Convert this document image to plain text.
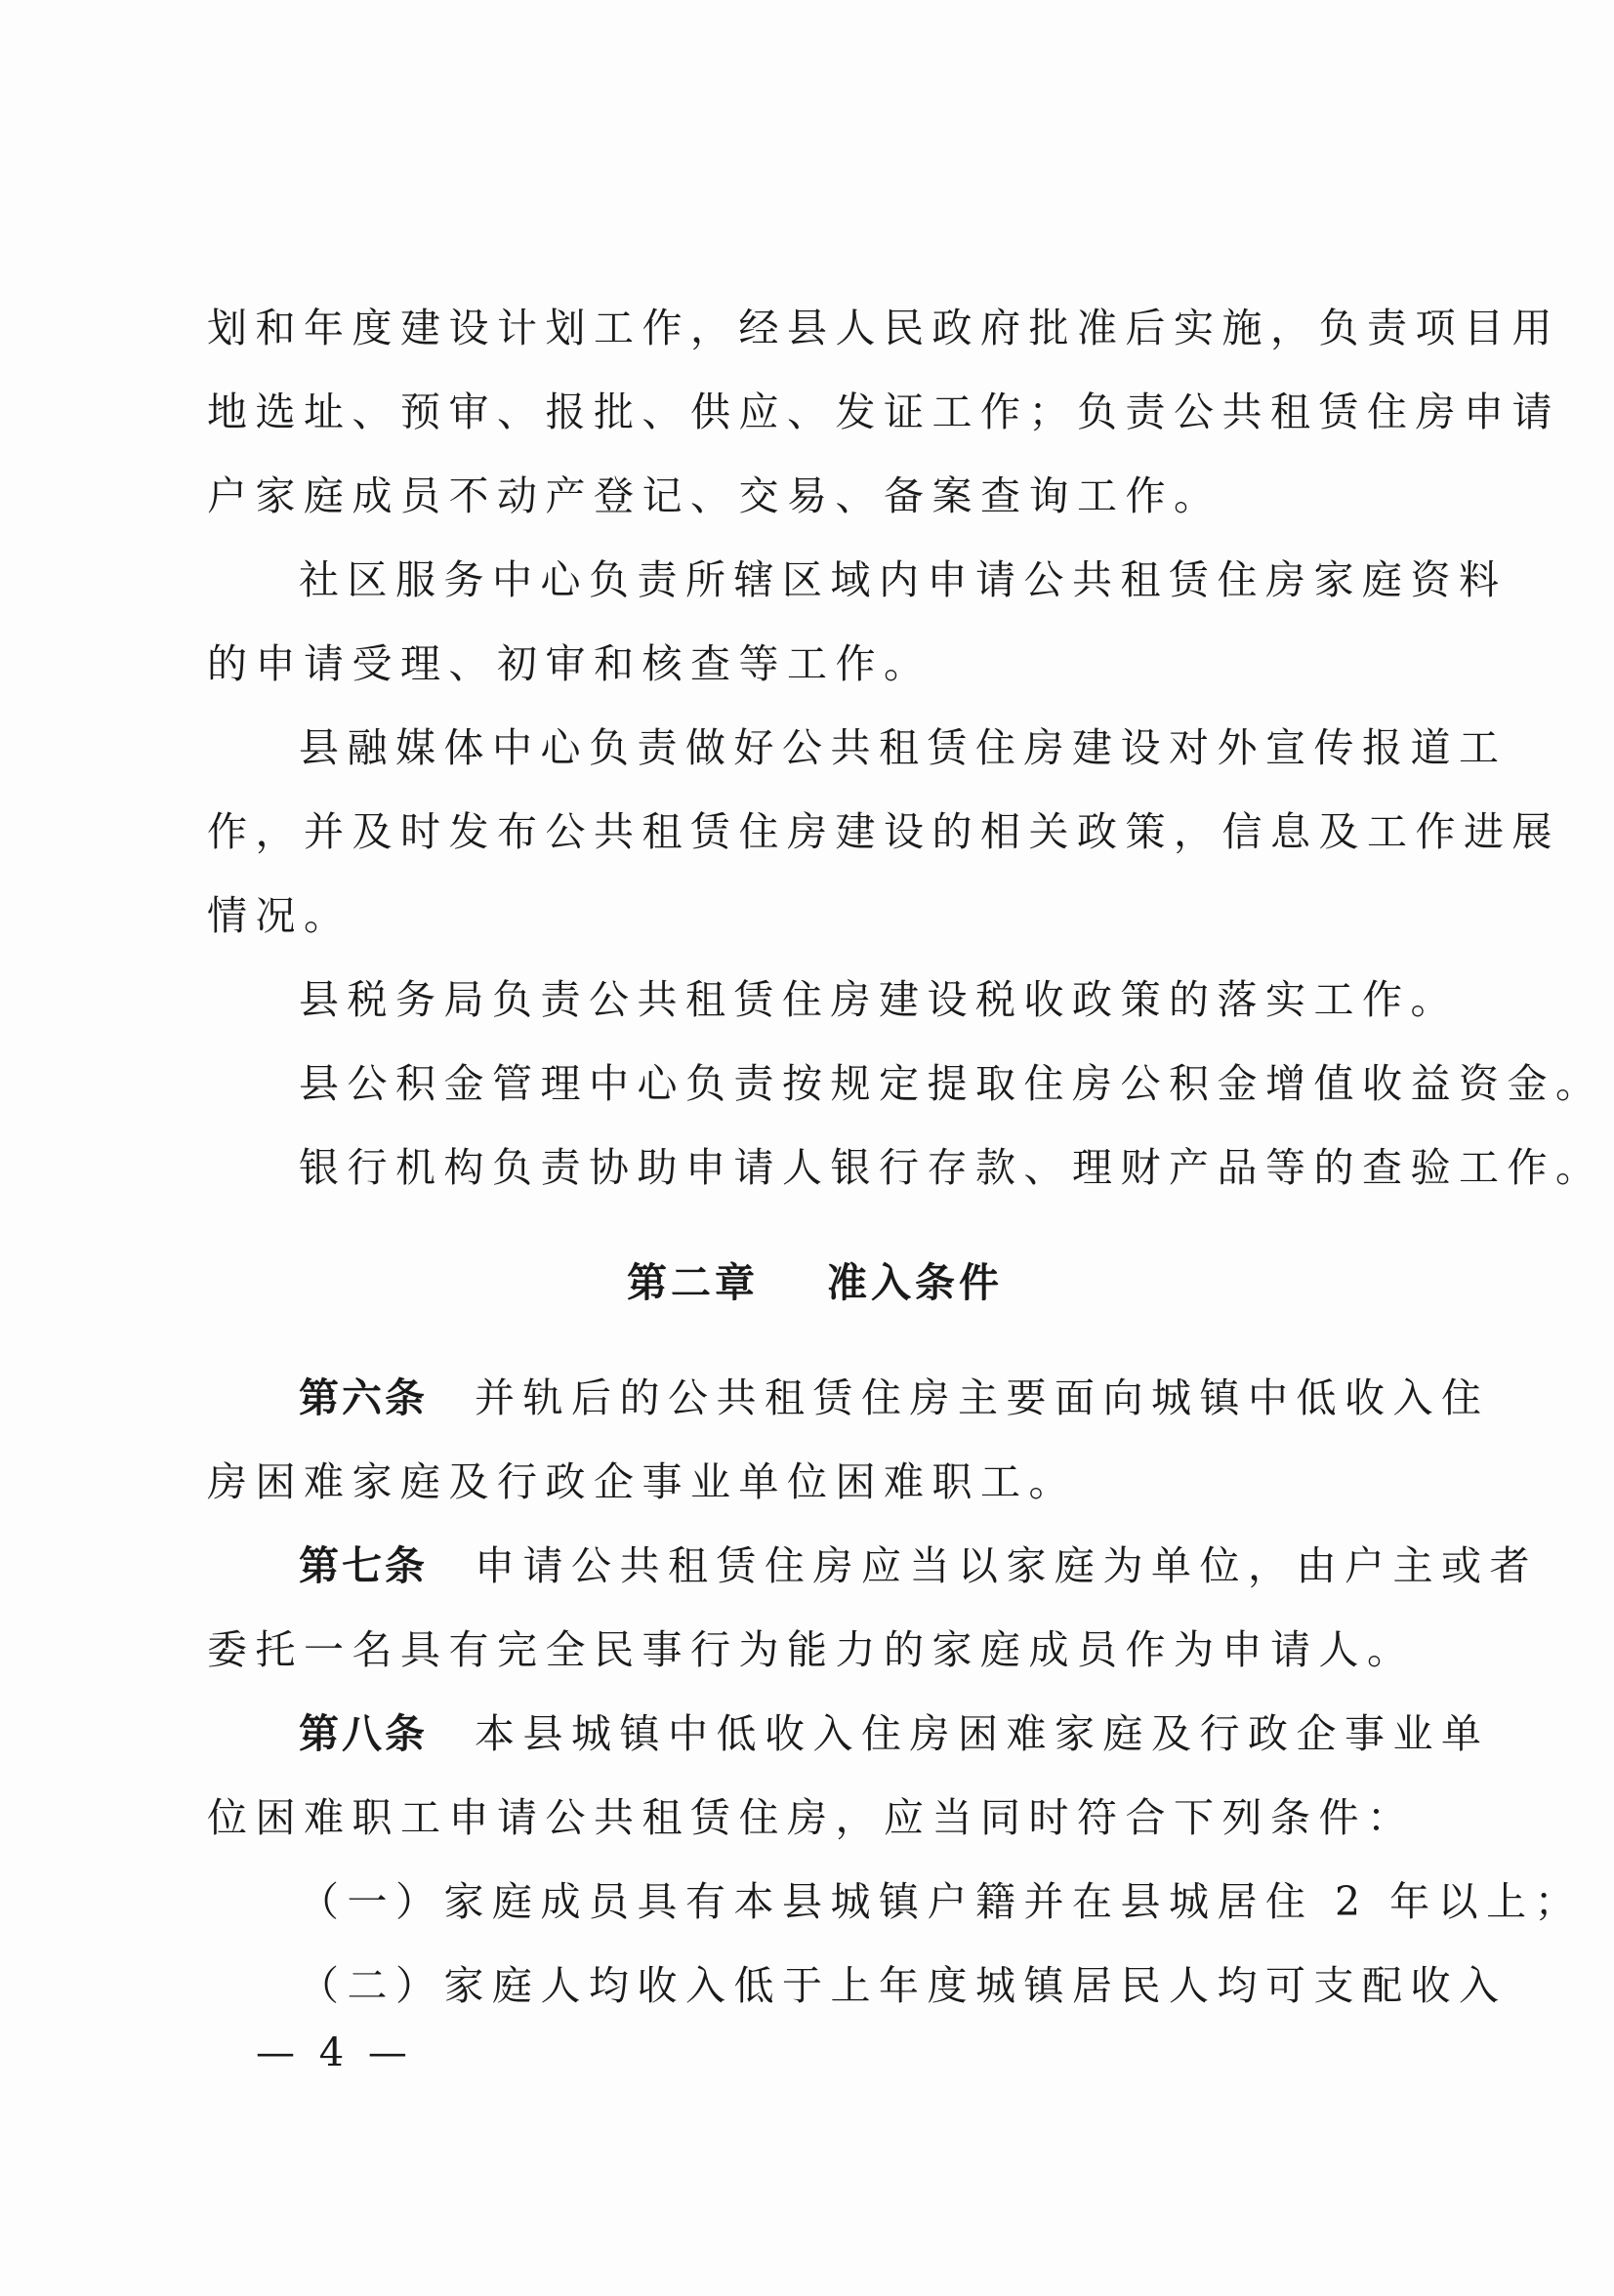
划和年度建设计划工作，经县人民政府批准后实施，负责项目用
地选址、预审、报批、供应、发证工作；负责公共租赁住房申请
户家庭成员不动产登记、交易、备案查询工作。
社区服务中心负责所辖区域内申请公共租赁住房家庭资料
的申请受理、初审和核查等工作。
县融媒体中心负责做好公共租赁住房建设对外宣传报道工
作，并及时发布公共租赁住房建设的相关政策，信息及工作进展
情况。
县税务局负责公共租赁住房建设税收政策的落实工作。
县公积金管理中心负责按规定提取住房公积金增值收益资金。
银行机构负责协助申请人银行存款、理财产品等的查验工作。
第二章 准入条件
第六条 并轨后的公共租赁住房主要面向城镇中低收入住
房困难家庭及行政企事业单位困难职工。
第七条 申请公共租赁住房应当以家庭为单位，由户主或者
委托一名具有完全民事行为能力的家庭成员作为申请人。
第八条 本县城镇中低收入住房困难家庭及行政企事业单
位困难职工申请公共租赁住房，应当同时符合下列条件：
（一）家庭成员具有本县城镇户籍并在县城居住 2 年以上；
（二）家庭人均收入低于上年度城镇居民人均可支配收入
— 4 —
